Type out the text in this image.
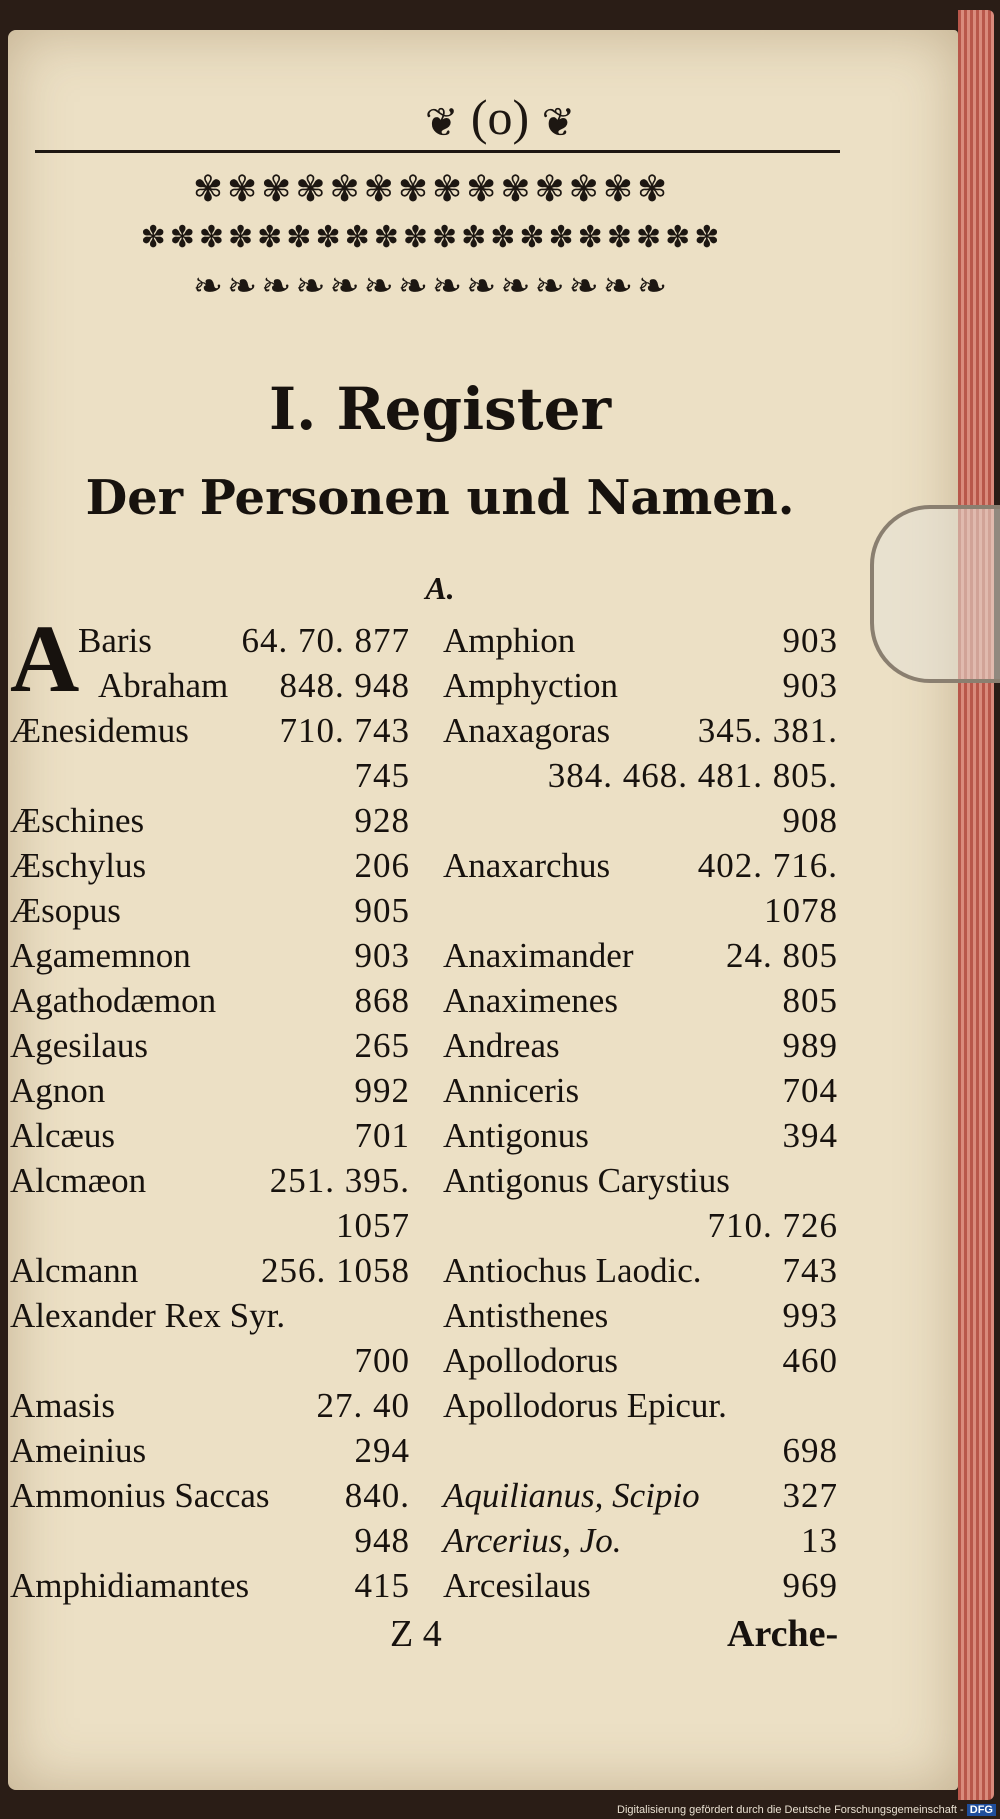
❦ (o) ❦
✾✾✾✾✾✾✾✾✾✾✾✾✾✾
✽✽✽✽✽✽✽✽✽✽✽✽✽✽✽✽✽✽✽✽
❧❧❧❧❧❧❧❧❧❧❧❧❧❧
I. Register
Der Personen und Namen.
A.
A
Baris	64. 70. 877
Abraham 848. 948
Ænesidemus	710. 743
745
Æschines	928
Æschylus	206
Æsopus	905
Agamemnon	903
Agathodæmon	868
Agesilaus	265
Agnon	992
Alcæus	701
Alcmæon	251. 395.
1057
Alcmann	256. 1058
Alexander Rex Syr.
700
Amasis	27. 40
Ameinius	294
Ammonius Saccas 840.
948
Amphidiamantes	415
Amphion	903
Amphyction	903
Anaxagoras	345. 381.
384. 468. 481. 805.
908
Anaxarchus	402. 716.
1078
Anaximander	24. 805
Anaximenes	805
Andreas	989
Anniceris	704
Antigonus	394
Antigonus Carystius
710. 726
Antiochus Laodic. 743
Antisthenes	993
Apollodorus	460
Apollodorus Epicur.
698
Aquilianus, Scipio 327
Arcerius, Jo.	13
Arcesilaus	969
Z 4	Arche-
Digitalisierung gefördert durch die Deutsche Forschungsgemeinschaft - DFG
